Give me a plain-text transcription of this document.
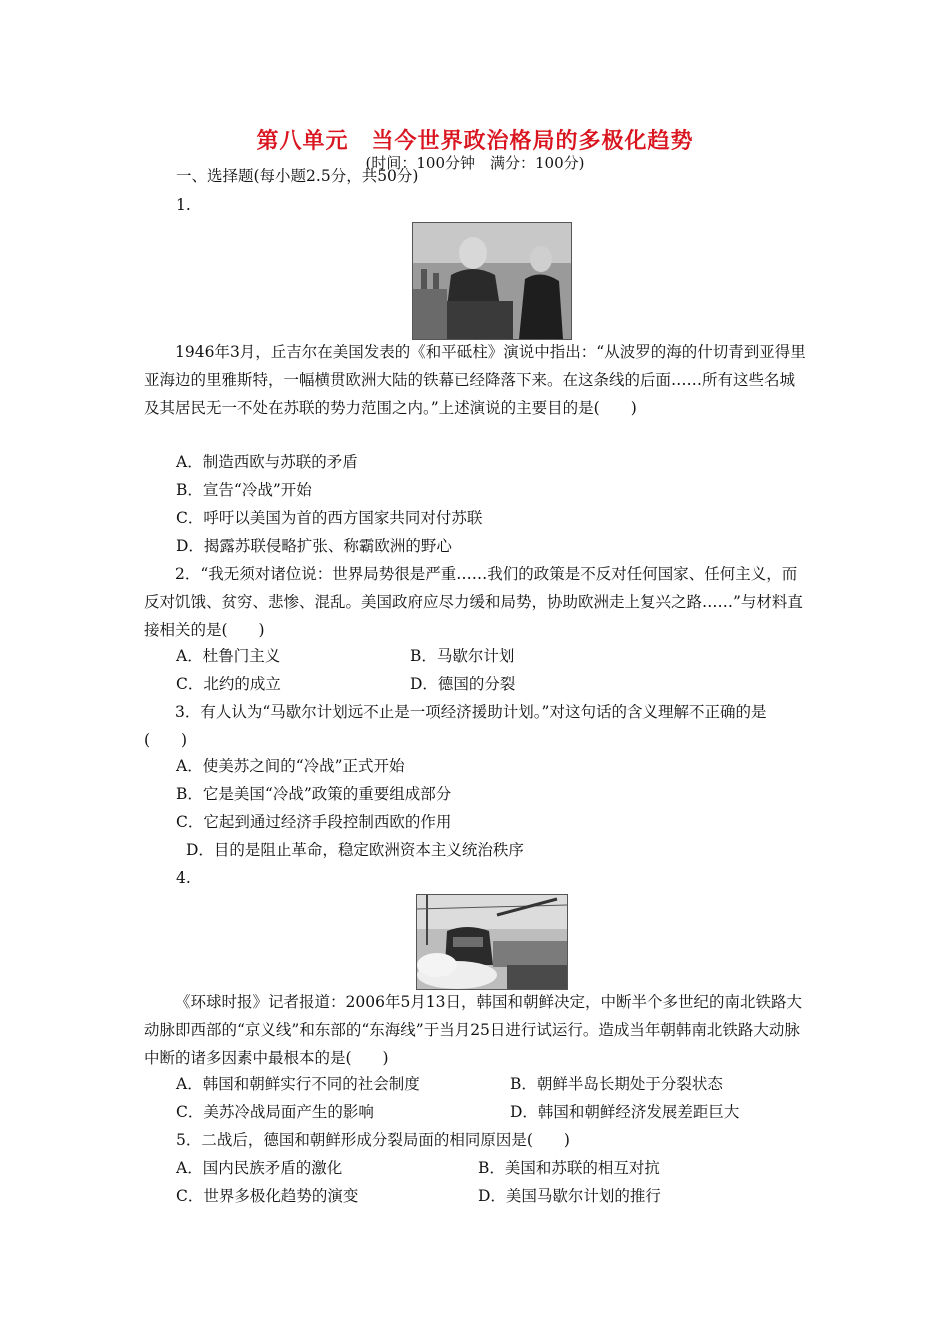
第八单元　当今世界政治格局的多极化趋势
(时间：100分钟　满分：100分)
一、选择题(每小题2.5分，共50分)
1.
1946年3月，丘吉尔在美国发表的《和平砥柱》演说中指出：“从波罗的海的什切青到亚得里亚海边的里雅斯特，一幅横贯欧洲大陆的铁幕已经降落下来。在这条线的后面……所有这些名城及其居民无一不处在苏联的势力范围之内。”上述演说的主要目的是(　　)
A．制造西欧与苏联的矛盾
B．宣告“冷战”开始
C．呼吁以美国为首的西方国家共同对付苏联
D．揭露苏联侵略扩张、称霸欧洲的野心
2．“我无须对诸位说：世界局势很是严重……我们的政策是不反对任何国家、任何主义，而反对饥饿、贫穷、悲惨、混乱。美国政府应尽力缓和局势，协助欧洲走上复兴之路……”与材料直接相关的是(　　)
A．杜鲁门主义	B．马歇尔计划
C．北约的成立	D．德国的分裂
3．有人认为“马歇尔计划远不止是一项经济援助计划。”对这句话的含义理解不正确的是(　　)
A．使美苏之间的“冷战”正式开始
B．它是美国“冷战”政策的重要组成部分
C．它起到通过经济手段控制西欧的作用
D．目的是阻止革命，稳定欧洲资本主义统治秩序
4.
《环球时报》记者报道：2006年5月13日，韩国和朝鲜决定，中断半个多世纪的南北铁路大动脉即西部的“京义线”和东部的“东海线”于当月25日进行试运行。造成当年朝韩南北铁路大动脉中断的诸多因素中最根本的是(　　)
A．韩国和朝鲜实行不同的社会制度	B．朝鲜半岛长期处于分裂状态
C．美苏冷战局面产生的影响	D．韩国和朝鲜经济发展差距巨大
5．二战后，德国和朝鲜形成分裂局面的相同原因是(　　)
A．国内民族矛盾的激化	B．美国和苏联的相互对抗
C．世界多极化趋势的演变	D．美国马歇尔计划的推行
